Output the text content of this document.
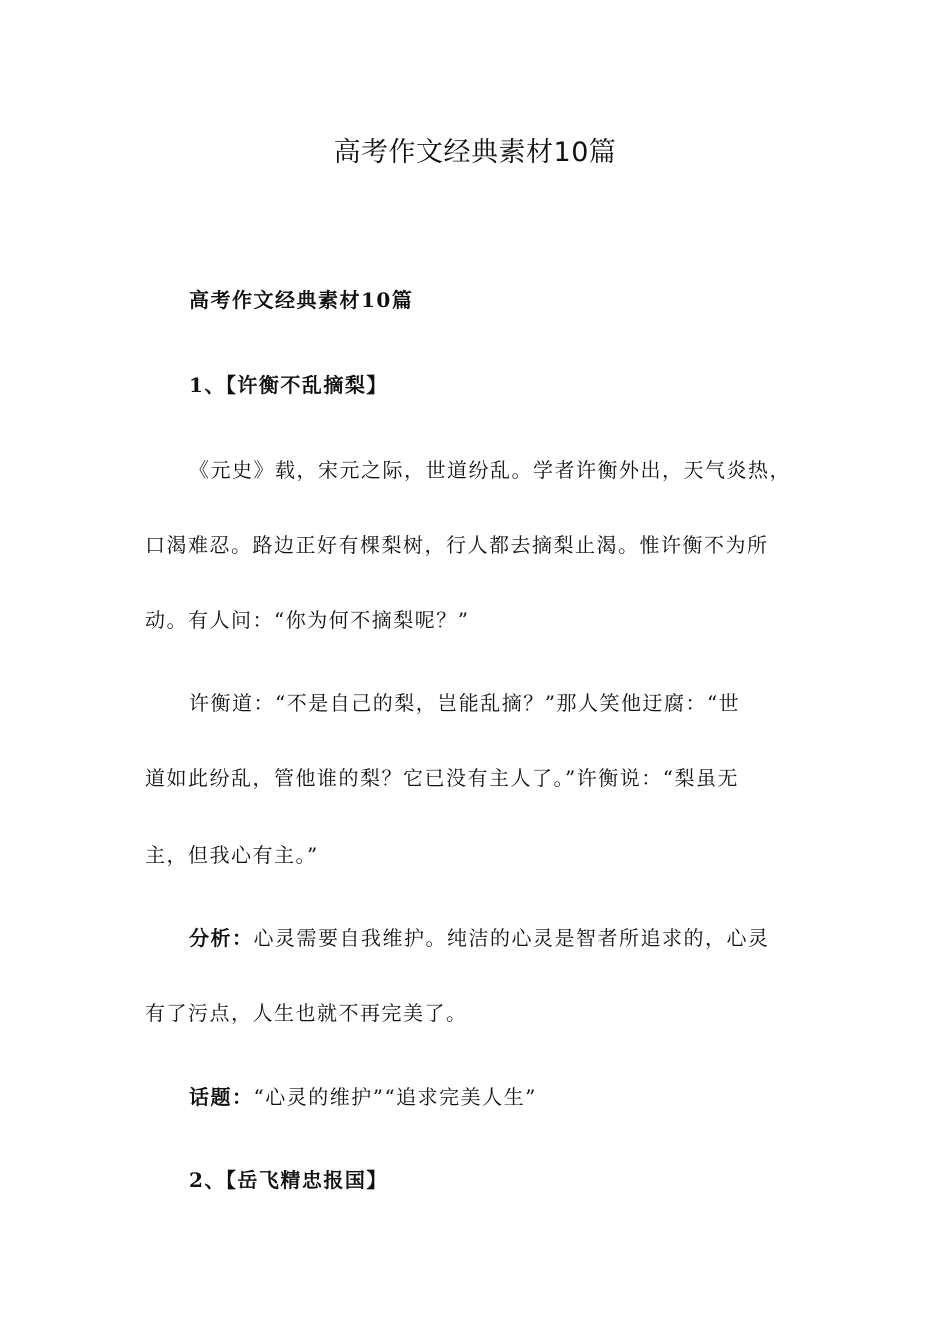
高考作文经典素材10篇
高考作文经典素材10篇
1、【许衡不乱摘梨】
《元史》载，宋元之际，世道纷乱。学者许衡外出，天气炎热，
口渴难忍。路边正好有棵梨树，行人都去摘梨止渴。惟许衡不为所
动。有人问：“你为何不摘梨呢？”
许衡道：“不是自己的梨，岂能乱摘？”那人笑他迂腐：“世
道如此纷乱，管他谁的梨？它已没有主人了。”许衡说：“梨虽无
主，但我心有主。”
分析：心灵需要自我维护。纯洁的心灵是智者所追求的，心灵
有了污点，人生也就不再完美了。
话题：“心灵的维护”“追求完美人生”
2、【岳飞精忠报国】
